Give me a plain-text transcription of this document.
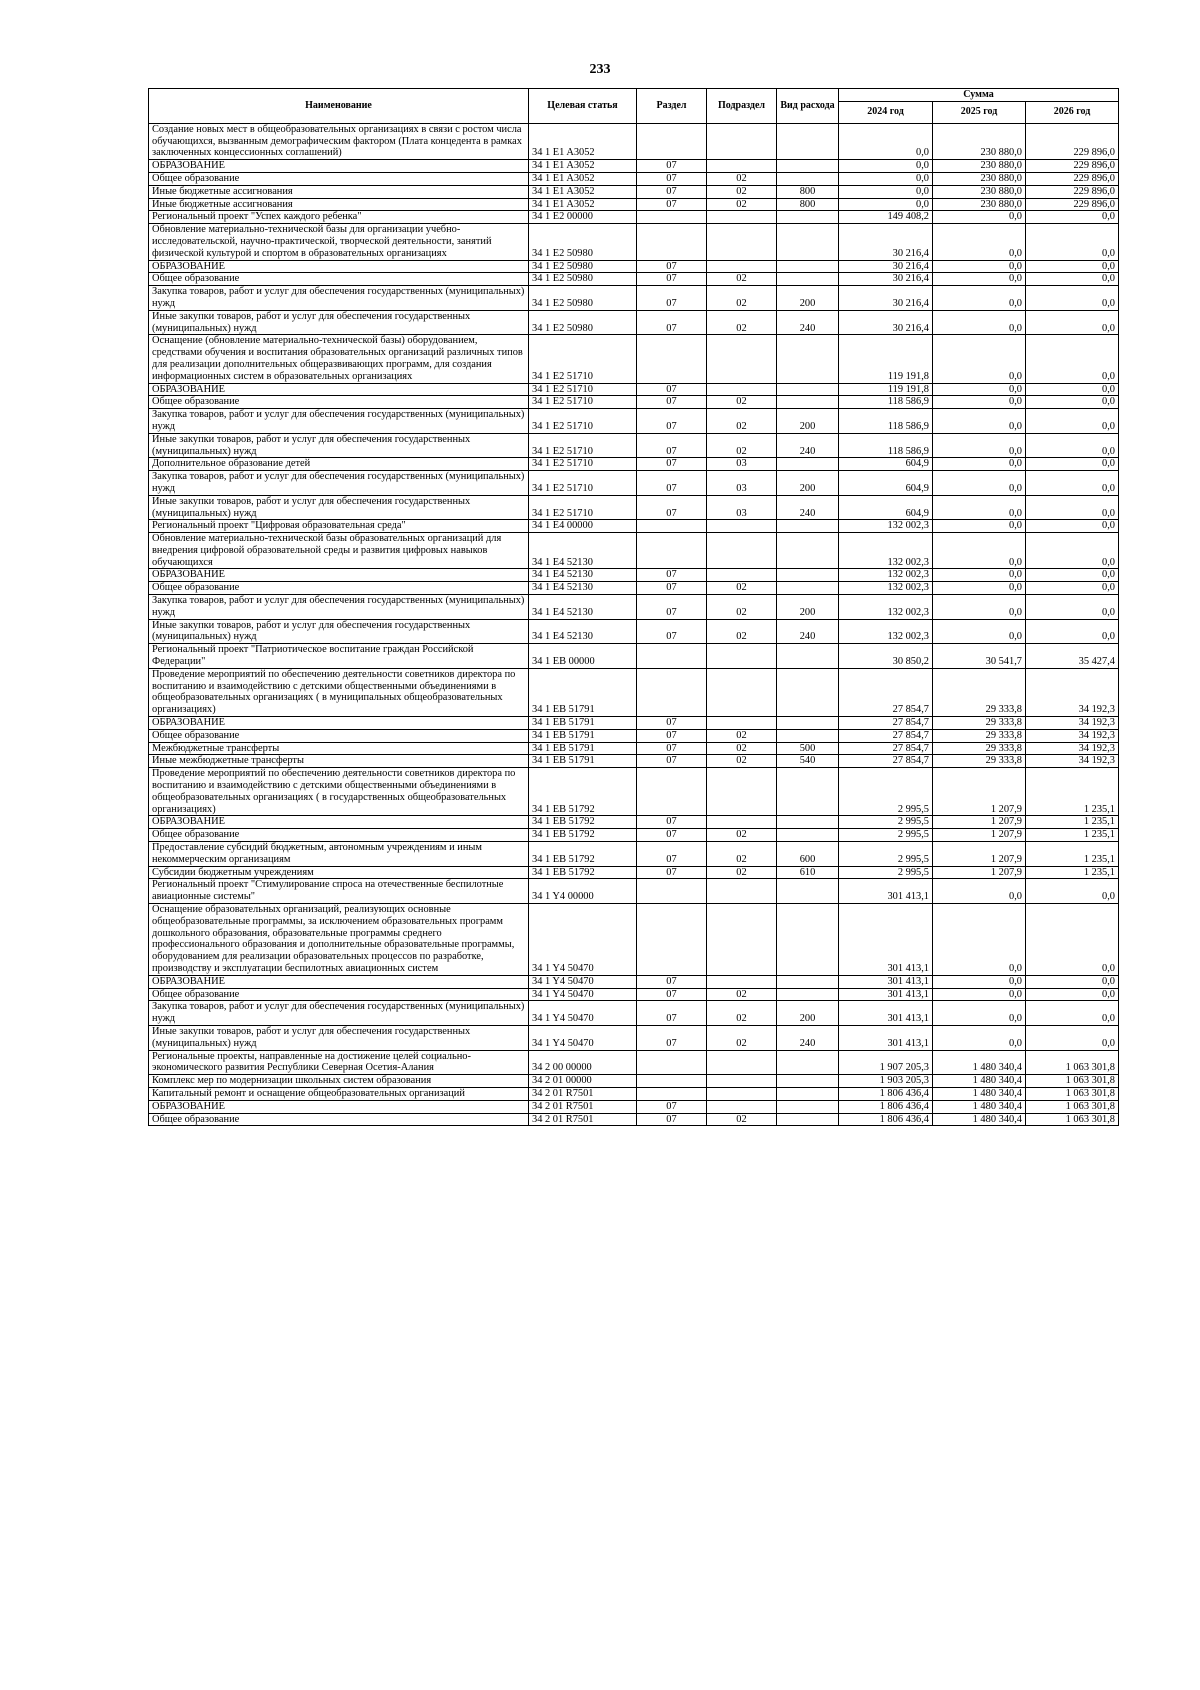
233
Наименование	Целевая статья	Раздел	Подраздел	Вид расхода	Сумма		
					2024 год	2025 год	2026 год
Создание новых мест в общеобразовательных организациях в связи с ростом числа обучающихся, вызванным демографическим фактором (Плата концедента в рамках заключенных концессионных соглашений)	34 1 E1 A3052				0,0	230 880,0	229 896,0
ОБРАЗОВАНИЕ	34 1 E1 A3052	07			0,0	230 880,0	229 896,0
Общее образование	34 1 E1 A3052	07	02		0,0	230 880,0	229 896,0
Иные бюджетные ассигнования	34 1 E1 A3052	07	02	800	0,0	230 880,0	229 896,0
Иные бюджетные ассигнования	34 1 E1 A3052	07	02	800	0,0	230 880,0	229 896,0
Региональный проект "Успех каждого ребенка"	34 1 E2 00000				149 408,2	0,0	0,0
Обновление материально-технической базы для организации учебно-исследовательской, научно-практической, творческой деятельности, занятий физической культурой и спортом в образовательных организациях	34 1 E2 50980				30 216,4	0,0	0,0
ОБРАЗОВАНИЕ	34 1 E2 50980	07			30 216,4	0,0	0,0
Общее образование	34 1 E2 50980	07	02		30 216,4	0,0	0,0
Закупка товаров, работ и услуг для обеспечения государственных (муниципальных) нужд	34 1 E2 50980	07	02	200	30 216,4	0,0	0,0
Иные закупки товаров, работ и услуг для обеспечения государственных (муниципальных) нужд	34 1 E2 50980	07	02	240	30 216,4	0,0	0,0
Оснащение (обновление материально-технической базы) оборудованием, средствами обучения и воспитания образовательных организаций различных типов для реализации дополнительных общеразвивающих программ, для создания информационных систем в образовательных организациях	34 1 E2 51710				119 191,8	0,0	0,0
ОБРАЗОВАНИЕ	34 1 E2 51710	07			119 191,8	0,0	0,0
Общее образование	34 1 E2 51710	07	02		118 586,9	0,0	0,0
Закупка товаров, работ и услуг для обеспечения государственных (муниципальных) нужд	34 1 E2 51710	07	02	200	118 586,9	0,0	0,0
Иные закупки товаров, работ и услуг для обеспечения государственных (муниципальных) нужд	34 1 E2 51710	07	02	240	118 586,9	0,0	0,0
Дополнительное образование детей	34 1 E2 51710	07	03		604,9	0,0	0,0
Закупка товаров, работ и услуг для обеспечения государственных (муниципальных) нужд	34 1 E2 51710	07	03	200	604,9	0,0	0,0
Иные закупки товаров, работ и услуг для обеспечения государственных (муниципальных) нужд	34 1 E2 51710	07	03	240	604,9	0,0	0,0
Региональный проект "Цифровая образовательная среда"	34 1 E4 00000				132 002,3	0,0	0,0
Обновление материально-технической базы образовательных организаций для внедрения цифровой образовательной среды и развития цифровых навыков обучающихся	34 1 E4 52130				132 002,3	0,0	0,0
ОБРАЗОВАНИЕ	34 1 E4 52130	07			132 002,3	0,0	0,0
Общее образование	34 1 E4 52130	07	02		132 002,3	0,0	0,0
Закупка товаров, работ и услуг для обеспечения государственных (муниципальных) нужд	34 1 E4 52130	07	02	200	132 002,3	0,0	0,0
Иные закупки товаров, работ и услуг для обеспечения государственных (муниципальных) нужд	34 1 E4 52130	07	02	240	132 002,3	0,0	0,0
Региональный проект "Патриотическое воспитание граждан Российской Федерации"	34 1 EB 00000				30 850,2	30 541,7	35 427,4
Проведение мероприятий по обеспечению деятельности советников директора по воспитанию и взаимодействию с детскими общественными объединениями в общеобразовательных организациях ( в муниципальных общеобразовательных организациях)	34 1 EB 51791				27 854,7	29 333,8	34 192,3
ОБРАЗОВАНИЕ	34 1 EB 51791	07			27 854,7	29 333,8	34 192,3
Общее образование	34 1 EB 51791	07	02		27 854,7	29 333,8	34 192,3
Межбюджетные трансферты	34 1 EB 51791	07	02	500	27 854,7	29 333,8	34 192,3
Иные межбюджетные трансферты	34 1 EB 51791	07	02	540	27 854,7	29 333,8	34 192,3
Проведение мероприятий по обеспечению деятельности советников директора по воспитанию и взаимодействию с детскими общественными объединениями в общеобразовательных организациях ( в государственных общеобразовательных организациях)	34 1 EB 51792				2 995,5	1 207,9	1 235,1
ОБРАЗОВАНИЕ	34 1 EB 51792	07			2 995,5	1 207,9	1 235,1
Общее образование	34 1 EB 51792	07	02		2 995,5	1 207,9	1 235,1
Предоставление субсидий бюджетным, автономным учреждениям и иным некоммерческим организациям	34 1 EB 51792	07	02	600	2 995,5	1 207,9	1 235,1
Субсидии бюджетным учреждениям	34 1 EB 51792	07	02	610	2 995,5	1 207,9	1 235,1
Региональный проект "Стимулирование спроса на отечественные беспилотные авиационные системы"	34 1 Y4 00000				301 413,1	0,0	0,0
Оснащение образовательных организаций, реализующих основные общеобразовательные программы, за исключением образовательных программ дошкольного образования, образовательные программы среднего профессионального образования и дополнительные образовательные программы, оборудованием для реализации образовательных процессов по разработке, производству и эксплуатации беспилотных авиационных систем	34 1 Y4 50470				301 413,1	0,0	0,0
ОБРАЗОВАНИЕ	34 1 Y4 50470	07			301 413,1	0,0	0,0
Общее образование	34 1 Y4 50470	07	02		301 413,1	0,0	0,0
Закупка товаров, работ и услуг для обеспечения государственных (муниципальных) нужд	34 1 Y4 50470	07	02	200	301 413,1	0,0	0,0
Иные закупки товаров, работ и услуг для обеспечения государственных (муниципальных) нужд	34 1 Y4 50470	07	02	240	301 413,1	0,0	0,0
Региональные проекты, направленные на достижение целей социально-экономического развития Республики Северная Осетия-Алания	34 2 00 00000				1 907 205,3	1 480 340,4	1 063 301,8
Комплекс мер по модернизации школьных систем образования	34 2 01 00000				1 903 205,3	1 480 340,4	1 063 301,8
Капитальный ремонт и оснащение общеобразовательных организаций	34 2 01 R7501				1 806 436,4	1 480 340,4	1 063 301,8
ОБРАЗОВАНИЕ	34 2 01 R7501	07			1 806 436,4	1 480 340,4	1 063 301,8
Общее образование	34 2 01 R7501	07	02		1 806 436,4	1 480 340,4	1 063 301,8
